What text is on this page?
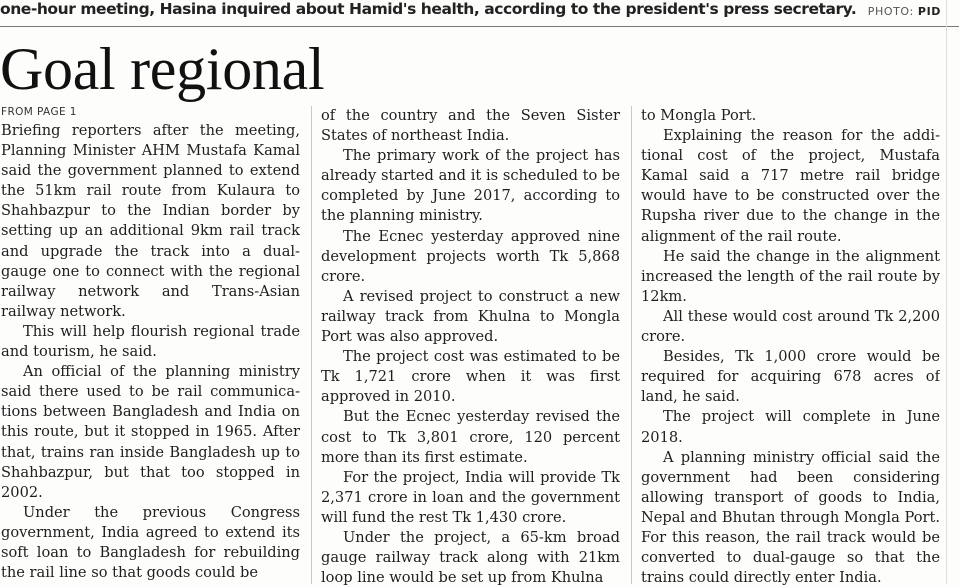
one-hour meeting, Hasina inquired about Hamid's health, according to the president's press secretary. PHOTO: PID
Goal regional

FROM PAGE 1

Briefing reporters after the meeting, Planning Minister AHM Mustafa Kamal said the government planned to extend the 51km rail route from Kulaura to Shahbazpur to the Indian border by setting up an additional 9km rail track and upgrade the track into a dual-gauge one to connect with the regional railway network and Trans-Asian railway network.

This will help flourish regional trade and tourism, he said.

An official of the planning ministry said there used to be rail communications between Bangladesh and India on this route, but it stopped in 1965. After that, trains ran inside Bangladesh up to Shahbazpur, but that too stopped in 2002.

Under the previous Congress government, India agreed to extend its soft loan to Bangladesh for rebuilding the rail line so that goods could be

of the country and the Seven Sister States of northeast India.

The primary work of the project has already started and it is scheduled to be completed by June 2017, according to the planning ministry.

The Ecnec yesterday approved nine development projects worth Tk 5,868 crore.

A revised project to construct a new railway track from Khulna to Mongla Port was also approved.

The project cost was estimated to be Tk 1,721 crore when it was first approved in 2010.

But the Ecnec yesterday revised the cost to Tk 3,801 crore, 120 percent more than its first estimate.

For the project, India will provide Tk 2,371 crore in loan and the government will fund the rest Tk 1,430 crore.

Under the project, a 65-km broad gauge railway track along with 21km loop line would be set up from Khulna

to Mongla Port.

Explaining the reason for the additional cost of the project, Mustafa Kamal said a 717 metre rail bridge would have to be constructed over the Rupsha river due to the change in the alignment of the rail route.

He said the change in the alignment increased the length of the rail route by 12km.

All these would cost around Tk 2,200 crore.

Besides, Tk 1,000 crore would be required for acquiring 678 acres of land, he said.

The project will complete in June 2018.

A planning ministry official said the government had been considering allowing transport of goods to India, Nepal and Bhutan through Mongla Port. For this reason, the rail track would be converted to dual-gauge so that the trains could directly enter India.
